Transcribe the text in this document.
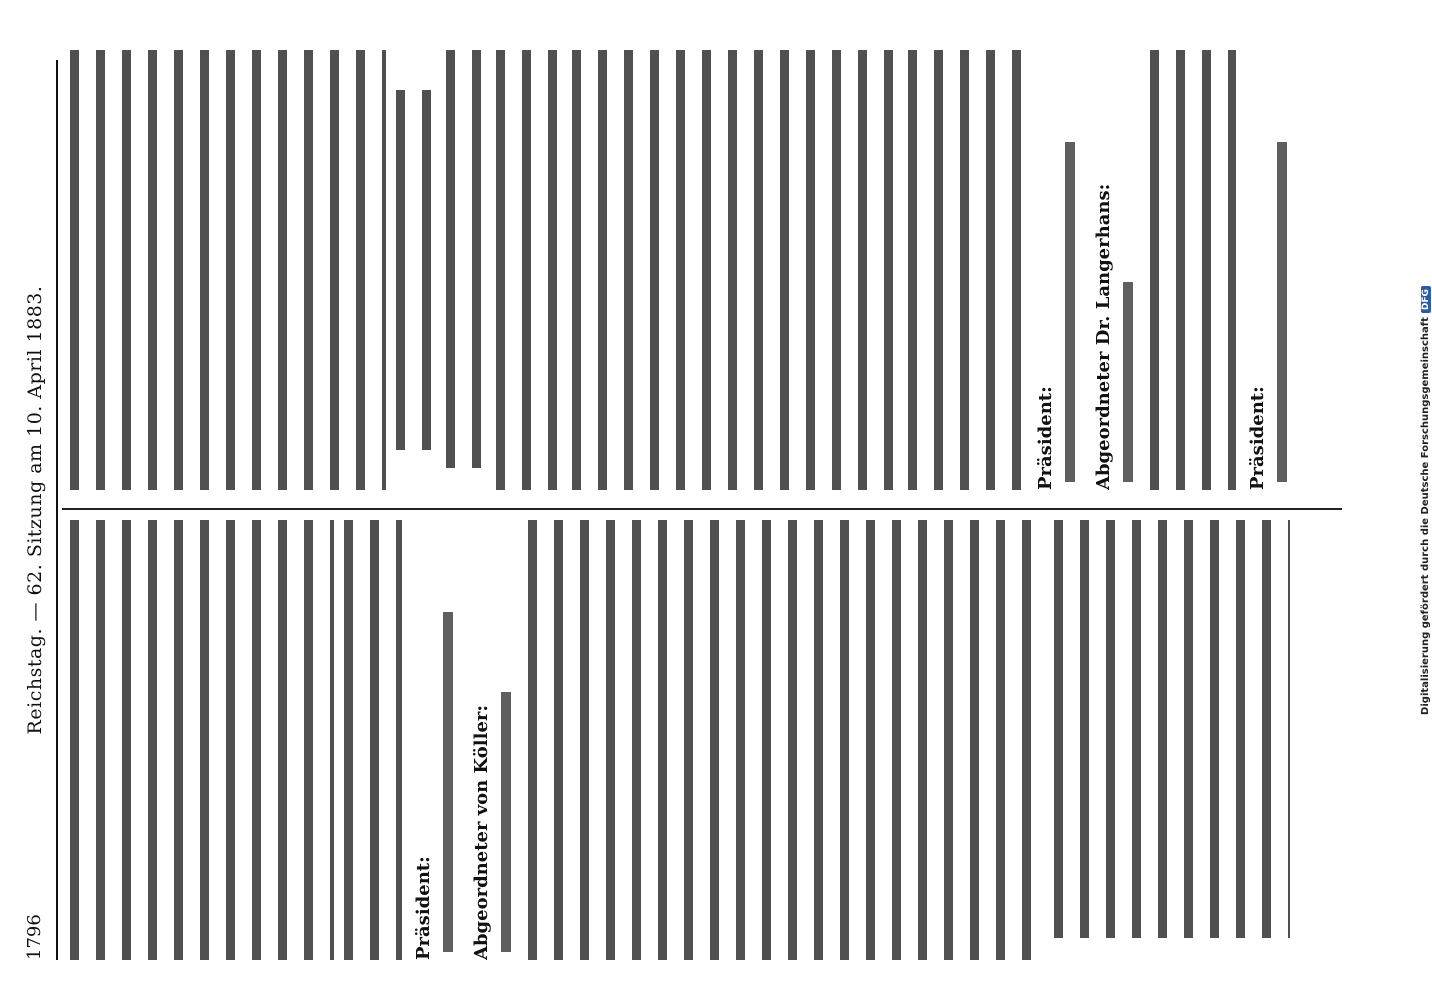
1796
Reichstag. — 62. Sitzung am 10. April 1883.
Präsident:	Abgeordneter von Köller:
Präsident:	Abgeordneter Dr. Langerhans:	Präsident:	Digitalisierung gefördert durch die Deutsche ForschungsgemeinschaftDFG
